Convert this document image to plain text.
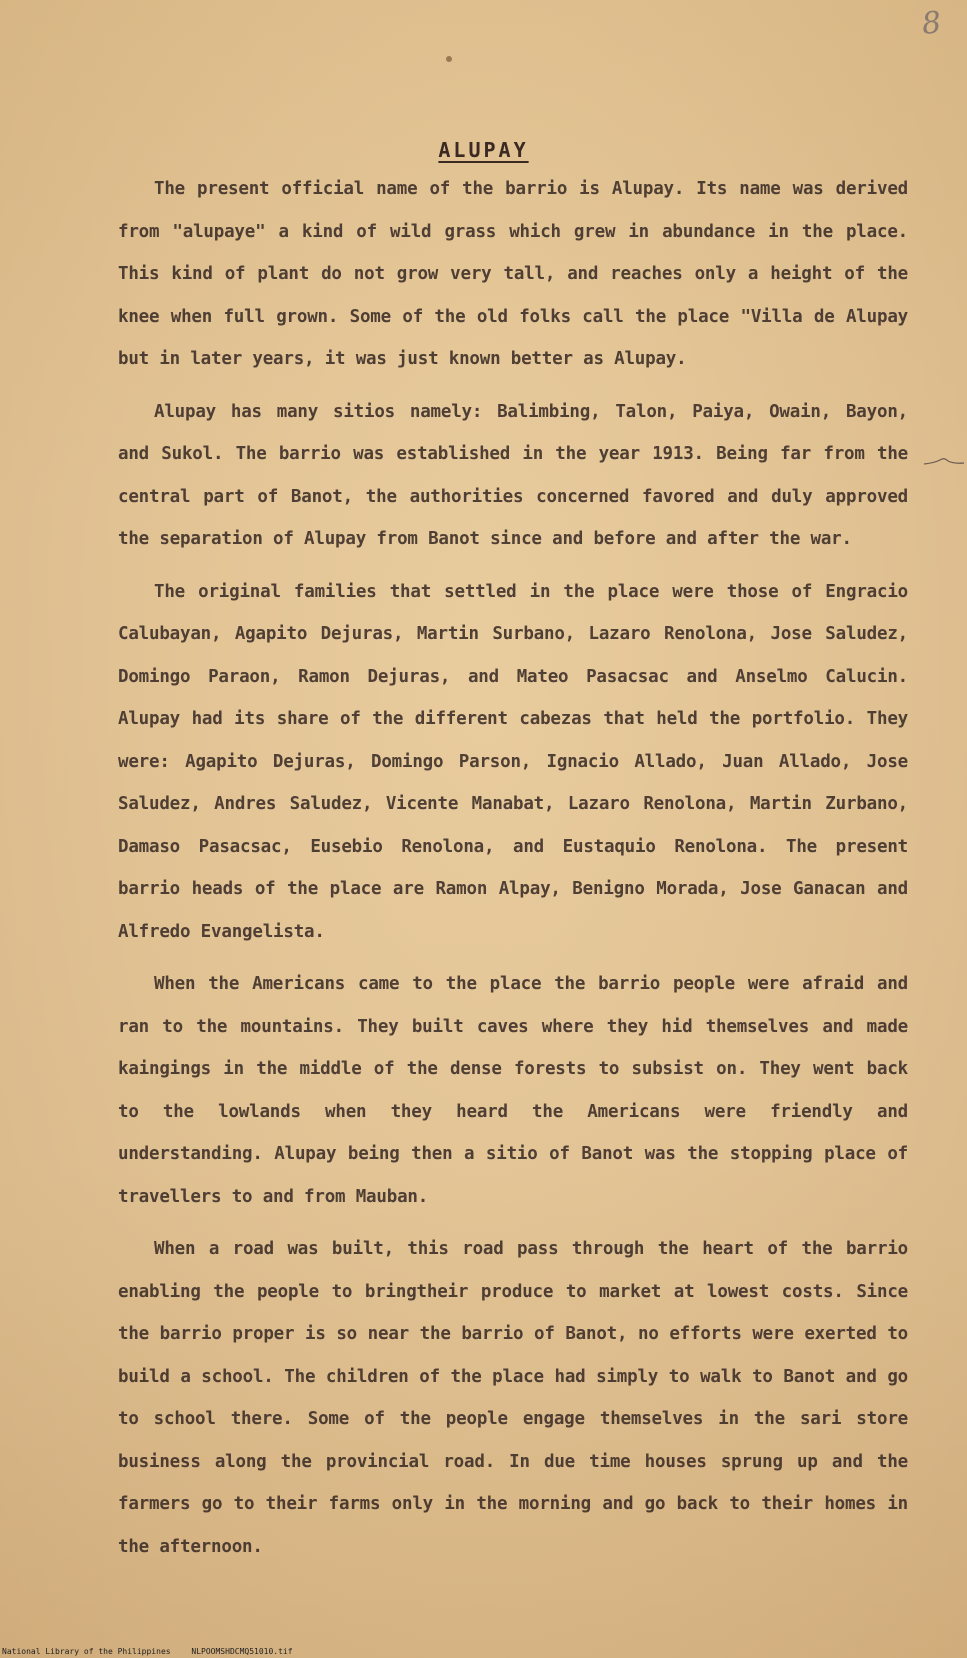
8
ALUPAY

The present official name of the barrio is Alupay. Its name was derived from "alupaye" a kind of wild grass which grew in abundance in the place. This kind of plant do not grow very tall, and reaches only a height of the knee when full grown. Some of the old folks call the place "Villa de Alupay but in later years, it was just known better as Alupay.

Alupay has many sitios namely: Balimbing, Talon, Paiya, Owain, Bayon, and Sukol. The barrio was established in the year 1913. Being far from the central part of Banot, the authorities concerned favored and duly approved the separation of Alupay from Banot since and before and after the war.

The original families that settled in the place were those of Engracio Calubayan, Agapito Dejuras, Martin Surbano, Lazaro Renolona, Jose Saludez, Domingo Paraon, Ramon Dejuras, and Mateo Pasacsac and Anselmo Calucin. Alupay had its share of the different cabezas that held the portfolio. They were: Agapito Dejuras, Domingo Parson, Ignacio Allado, Juan Allado, Jose Saludez, Andres Saludez, Vicente Manabat, Lazaro Renolona, Martin Zurbano, Damaso Pasacsac, Eusebio Renolona, and Eustaquio Renolona. The present barrio heads of the place are Ramon Alpay, Benigno Morada, Jose Ganacan and Alfredo Evangelista.

When the Americans came to the place the barrio people were afraid and ran to the mountains. They built caves where they hid themselves and made kaingings in the middle of the dense forests to subsist on. They went back to the lowlands when they heard the Americans were friendly and understanding. Alupay being then a sitio of Banot was the stopping place of travellers to and from Mauban.

When a road was built, this road pass through the heart of the barrio enabling the people to bringtheir produce to market at lowest costs. Since the barrio proper is so near the barrio of Banot, no efforts were exerted to build a school. The children of the place had simply to walk to Banot and go to school there. Some of the people engage themselves in the sari store business along the provincial road. In due time houses sprung up and the farmers go to their farms only in the morning and go back to their homes in the afternoon.

National Library of the Philippines	NLPOOMSHDCMQ51010.tif
